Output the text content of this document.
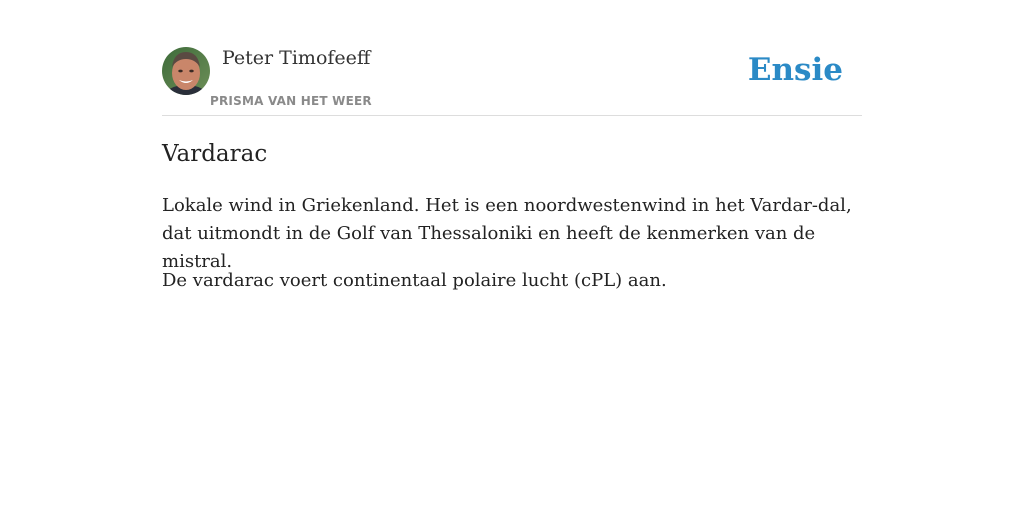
Peter Timofeeff
PRISMA VAN HET WEER
Ensie
Vardarac

Lokale wind in Griekenland. Het is een noordwestenwind in het Vardar-dal, dat uitmondt in de Golf van Thessaloniki en heeft de kenmerken van de mistral.

De vardarac voert continentaal polaire lucht (cPL) aan.
